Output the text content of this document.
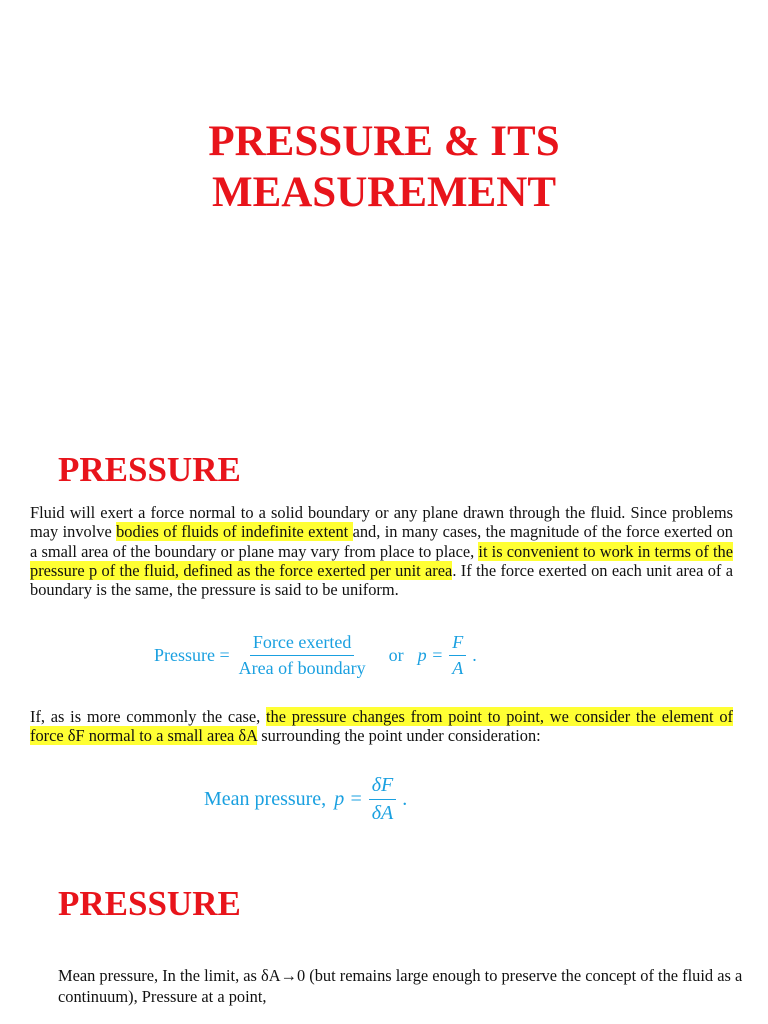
PRESSURE & ITS
MEASUREMENT
PRESSURE
Fluid will exert a force normal to a solid boundary or any plane drawn through the fluid. Since problems may involve bodies of fluids of indefinite extent and, in many cases, the magnitude of the force exerted on a small area of the boundary or plane may vary from place to place, it is convenient to work in terms of the pressure p of the fluid, defined as the force exerted per unit area. If the force exerted on each unit area of a boundary is the same, the pressure is said to be uniform.
Pressure = $\frac{\text{Force exerted}}{\text{Area of boundary}}$ or $p = \frac{F}{A}$ .
If, as is more commonly the case, the pressure changes from point to point, we consider the element of force δF normal to a small area δA surrounding the point under consideration:
Mean pressure, $p = \frac{\delta F}{\delta A}$ .
PRESSURE
Mean pressure, In the limit, as δA→0 (but remains large enough to preserve the concept of the fluid as a continuum), Pressure at a point,
